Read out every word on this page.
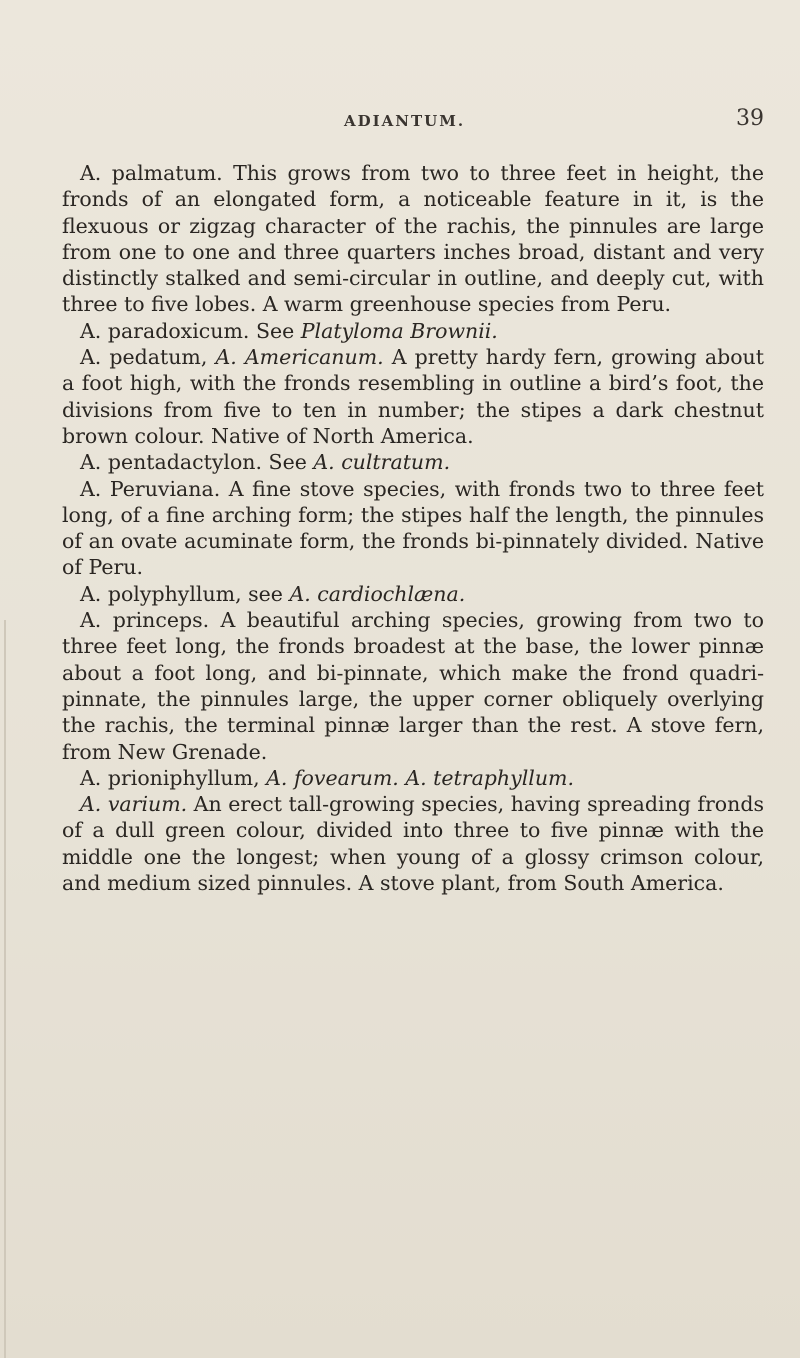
ADIANTUM.	39

A. palmatum. This grows from two to three feet in height, the fronds of an elongated form, a noticeable feature in it, is the flexuous or zigzag character of the rachis, the pinnules are large from one to one and three quarters inches broad, distant and very distinctly stalked and semi-circular in outline, and deeply cut, with three to five lobes. A warm greenhouse species from Peru.

A. paradoxicum. See Platyloma Brownii.

A. pedatum, A. Americanum. A pretty hardy fern, growing about a foot high, with the fronds resembling in outline a bird’s foot, the divisions from five to ten in number; the stipes a dark chestnut brown colour. Native of North America.

A. pentadactylon. See A. cultratum.

A. Peruviana. A fine stove species, with fronds two to three feet long, of a fine arching form; the stipes half the length, the pinnules of an ovate acuminate form, the fronds bi-pinnately divided. Native of Peru.

A. polyphyllum, see A. cardiochlæna.

A. princeps. A beautiful arching species, growing from two to three feet long, the fronds broadest at the base, the lower pinnæ about a foot long, and bi-pinnate, which make the frond quadri-pinnate, the pinnules large, the upper corner obliquely overlying the rachis, the terminal pinnæ larger than the rest. A stove fern, from New Grenade.

A. prioniphyllum, A. fovearum. A. tetraphyllum.

A. varium. An erect tall-growing species, having spreading fronds of a dull green colour, divided into three to five pinnæ with the middle one the longest; when young of a glossy crimson colour, and medium sized pinnules. A stove plant, from South America.
